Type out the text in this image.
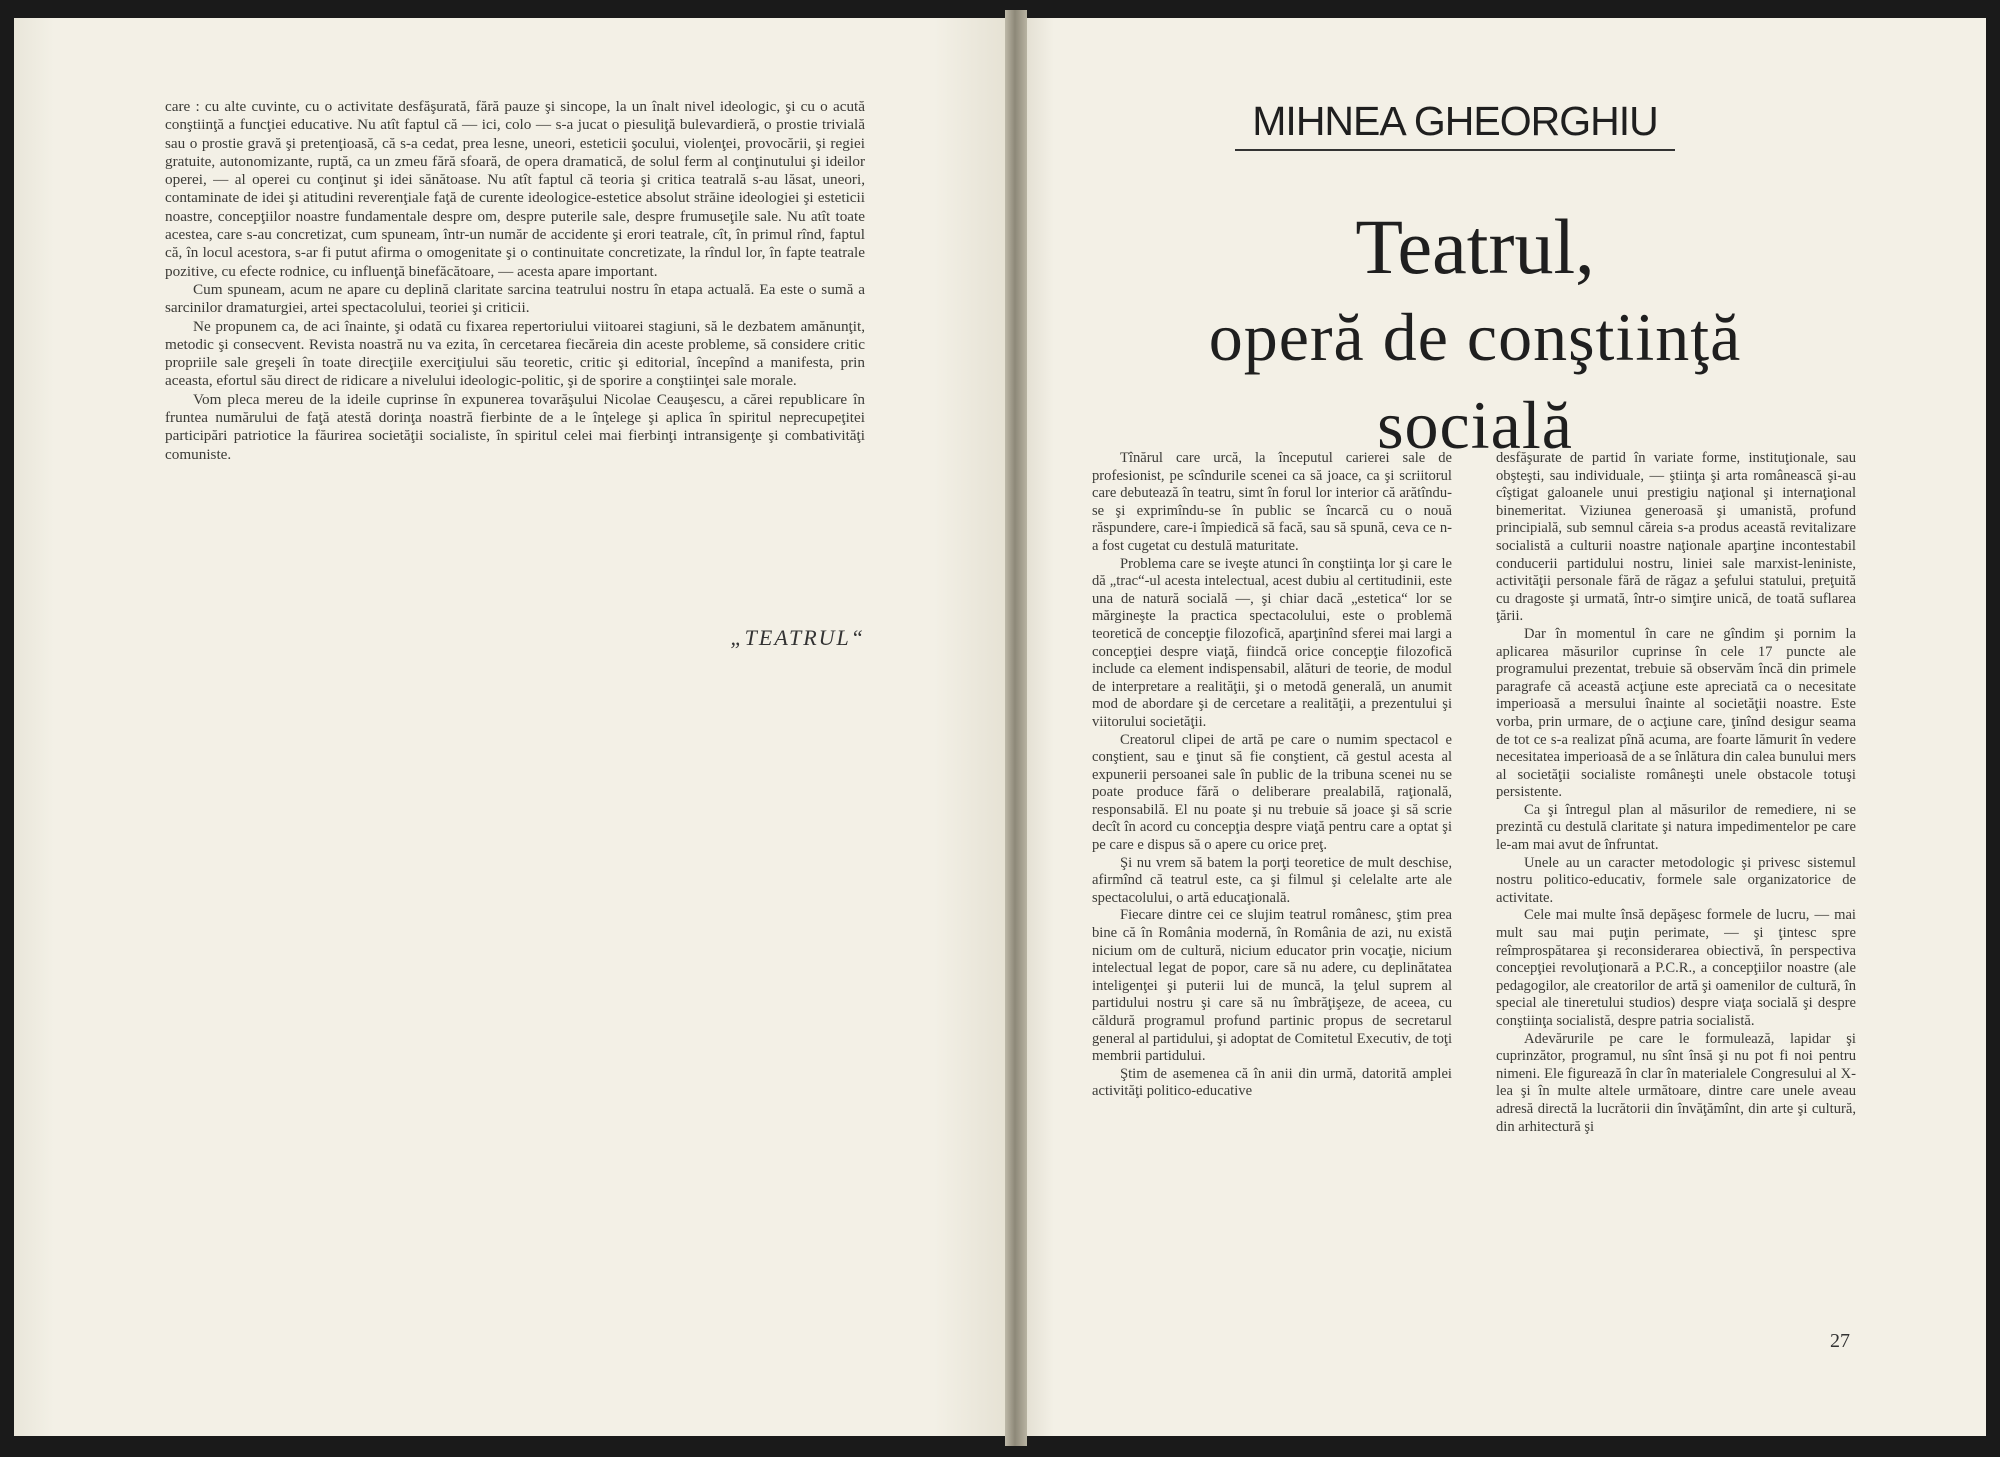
care : cu alte cuvinte, cu o activitate desfăşurată, fără pauze şi sincope, la un înalt nivel ideologic, şi cu o acută conştiinţă a funcţiei educative. Nu atît faptul că — ici, colo — s-a jucat o piesuliţă bulevardieră, o prostie trivială sau o prostie gravă şi pretenţioasă, că s-a cedat, prea lesne, uneori, esteticii şocului, violenţei, provocării, şi regiei gratuite, autonomizante, ruptă, ca un zmeu fără sfoară, de opera dramatică, de solul ferm al conţinutului şi ideilor operei, — al operei cu conţinut şi idei sănătoase. Nu atît faptul că teoria şi critica teatrală s-au lăsat, uneori, contaminate de idei şi atitudini reverenţiale faţă de curente ideologice-estetice absolut străine ideologiei şi esteticii noastre, concepţiilor noastre fundamentale despre om, despre puterile sale, despre frumuseţile sale. Nu atît toate acestea, care s-au concretizat, cum spuneam, într-un număr de accidente şi erori teatrale, cît, în primul rînd, faptul că, în locul acestora, s-ar fi putut afirma o omogenitate şi o continuitate concretizate, la rîndul lor, în fapte teatrale pozitive, cu efecte rodnice, cu influenţă binefăcătoare, — acesta apare important.

Cum spuneam, acum ne apare cu deplină claritate sarcina teatrului nostru în etapa actuală. Ea este o sumă a sarcinilor dramaturgiei, artei spectacolului, teoriei şi criticii.

Ne propunem ca, de aci înainte, şi odată cu fixarea repertoriului viitoarei stagiuni, să le dezbatem amănunţit, metodic şi consecvent. Revista noastră nu va ezita, în cercetarea fiecăreia din aceste probleme, să considere critic propriile sale greşeli în toate direcţiile exerciţiului său teoretic, critic şi editorial, începînd a manifesta, prin aceasta, efortul său direct de ridicare a nivelului ideologic-politic, şi de sporire a conştiinţei sale morale.

Vom pleca mereu de la ideile cuprinse în expunerea tovarăşului Nicolae Ceauşescu, a cărei republicare în fruntea numărului de faţă atestă dorinţa noastră fierbinte de a le înţelege şi aplica în spiritul neprecupeţitei participări patriotice la făurirea societăţii socialiste, în spiritul celei mai fierbinţi intransigenţe şi combativităţi comuniste.

„TEATRUL“
MIHNEA GHEORGHIU
Teatrul,
operă de conştiinţă
socială

Tînărul care urcă, la începutul carierei sale de profesionist, pe scîndurile scenei ca să joace, ca şi scriitorul care debutează în teatru, simt în forul lor interior că arătîndu-se şi exprimîndu-se în public se încarcă cu o nouă răspundere, care-i împiedică să facă, sau să spună, ceva ce n-a fost cugetat cu destulă maturitate.

Problema care se iveşte atunci în conştiinţa lor şi care le dă „trac“-ul acesta intelectual, acest dubiu al certitudinii, este una de natură socială —, şi chiar dacă „estetica“ lor se mărgineşte la practica spectacolului, este o problemă teoretică de concepţie filozofică, aparţinînd sferei mai largi a concepţiei despre viaţă, fiindcă orice concepţie filozofică include ca element indispensabil, alături de teorie, de modul de interpretare a realităţii, şi o metodă generală, un anumit mod de abordare şi de cercetare a realităţii, a prezentului şi viitorului societăţii.

Creatorul clipei de artă pe care o numim spectacol e conştient, sau e ţinut să fie conştient, că gestul acesta al expunerii persoanei sale în public de la tribuna scenei nu se poate produce fără o deliberare prealabilă, raţională, responsabilă. El nu poate şi nu trebuie să joace şi să scrie decît în acord cu concepţia despre viaţă pentru care a optat şi pe care e dispus să o apere cu orice preţ.

Şi nu vrem să batem la porţi teoretice de mult deschise, afirmînd că teatrul este, ca şi filmul şi celelalte arte ale spectacolului, o artă educaţională.

Fiecare dintre cei ce slujim teatrul românesc, ştim prea bine că în România modernă, în România de azi, nu există nicium om de cultură, nicium educator prin vocaţie, nicium intelectual legat de popor, care să nu adere, cu deplinătatea inteligenţei şi puterii lui de muncă, la ţelul suprem al partidului nostru şi care să nu îmbrăţişeze, de aceea, cu căldură programul profund partinic propus de secretarul general al partidului, şi adoptat de Comitetul Executiv, de toţi membrii partidului.

Ştim de asemenea că în anii din urmă, datorită amplei activităţi politico-educative

desfăşurate de partid în variate forme, instituţionale, sau obşteşti, sau individuale, — ştiinţa şi arta românească şi-au cîştigat galoanele unui prestigiu naţional şi internaţional binemeritat. Viziunea generoasă şi umanistă, profund principială, sub semnul căreia s-a produs această revitalizare socialistă a culturii noastre naţionale aparţine incontestabil conducerii partidului nostru, liniei sale marxist-leniniste, activităţii personale fără de răgaz a şefului statului, preţuită cu dragoste şi urmată, într-o simţire unică, de toată suflarea ţării.

Dar în momentul în care ne gîndim şi pornim la aplicarea măsurilor cuprinse în cele 17 puncte ale programului prezentat, trebuie să observăm încă din primele paragrafe că această acţiune este apreciată ca o necesitate imperioasă a mersului înainte al societăţii noastre. Este vorba, prin urmare, de o acţiune care, ţinînd desigur seama de tot ce s-a realizat pînă acuma, are foarte lămurit în vedere necesitatea imperioasă de a se înlătura din calea bunului mers al societăţii socialiste româneşti unele obstacole totuşi persistente.

Ca şi întregul plan al măsurilor de remediere, ni se prezintă cu destulă claritate şi natura impedimentelor pe care le-am mai avut de înfruntat.

Unele au un caracter metodologic şi privesc sistemul nostru politico-educativ, formele sale organizatorice de activitate.

Cele mai multe însă depăşesc formele de lucru, — mai mult sau mai puţin perimate, — şi ţintesc spre reîmprospătarea şi reconsiderarea obiectivă, în perspectiva concepţiei revoluţionară a P.C.R., a concepţiilor noastre (ale pedagogilor, ale creatorilor de artă şi oamenilor de cultură, în special ale tineretului studios) despre viaţa socială şi despre conştiinţa socialistă, despre patria socialistă.

Adevărurile pe care le formulează, lapidar şi cuprinzător, programul, nu sînt însă şi nu pot fi noi pentru nimeni. Ele figurează în clar în materialele Congresului al X-lea şi în multe altele următoare, dintre care unele aveau adresă directă la lucrătorii din învăţămînt, din arte şi cultură, din arhitectură şi

27
